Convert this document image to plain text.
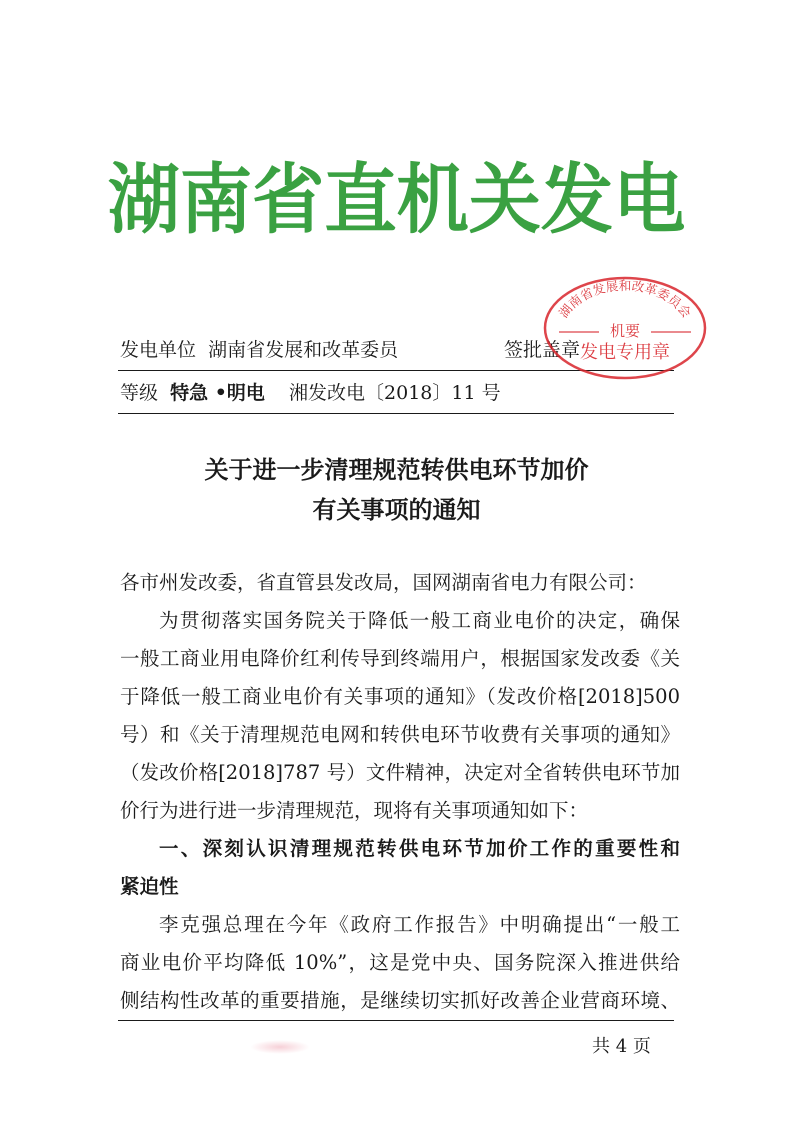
湖南省直机关发电
发电单位 湖南省发展和改革委员	签批盖章
等级 特急 •明电 湘发改电〔2018〕11 号
湖南省发展和改革委员会
机要
发电专用章
关于进一步清理规范转供电环节加价
有关事项的通知
各市州发改委，省直管县发改局，国网湖南省电力有限公司：
为贯彻落实国务院关于降低一般工商业电价的决定，确保
一般工商业用电降价红利传导到终端用户，根据国家发改委《关
于降低一般工商业电价有关事项的通知》（发改价格[2018]500
号）和《关于清理规范电网和转供电环节收费有关事项的通知》
（发改价格[2018]787 号）文件精神，决定对全省转供电环节加
价行为进行进一步清理规范，现将有关事项通知如下：
一、深刻认识清理规范转供电环节加价工作的重要性和
紧迫性
李克强总理在今年《政府工作报告》中明确提出“一般工
商业电价平均降低 10%”，这是党中央、国务院深入推进供给
侧结构性改革的重要措施，是继续切实抓好改善企业营商环境、
共 4 页
